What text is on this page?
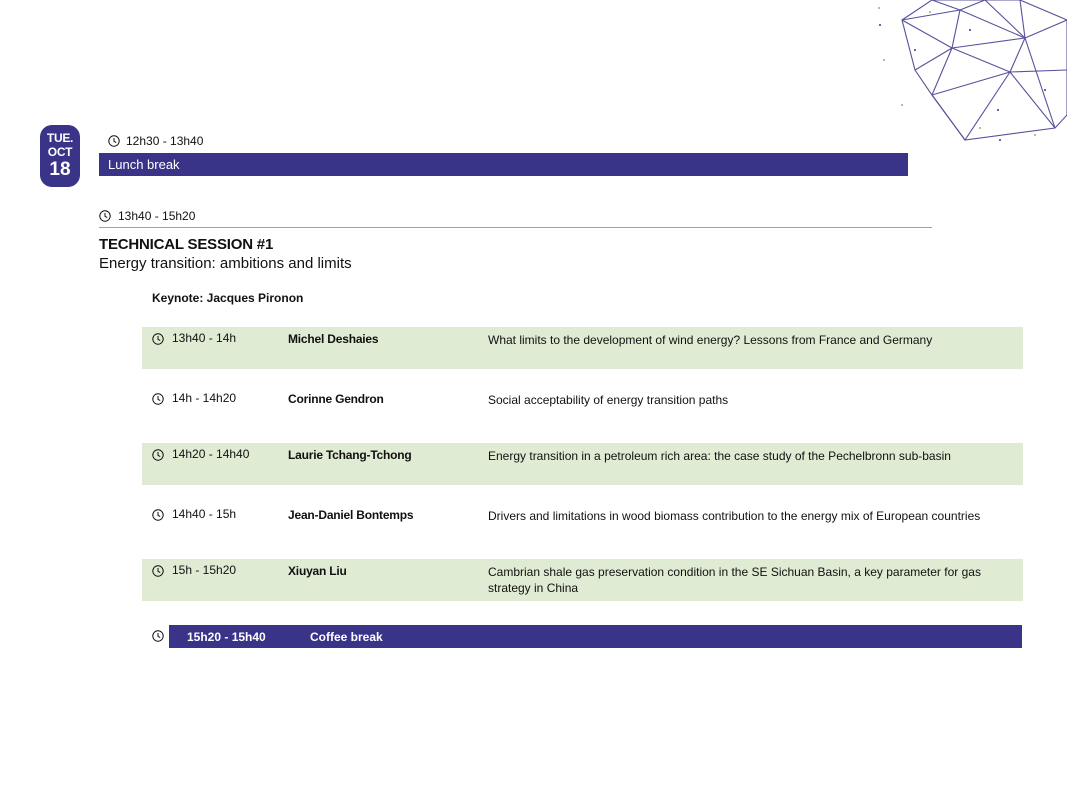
TUE.
OCT
18
12h30 - 13h40
Lunch break
13h40 - 15h20
TECHNICAL SESSION #1
Energy transition: ambitions and limits
Keynote: Jacques Pironon
13h40 - 14h	Michel Deshaies	What limits to the development of wind energy? Lessons from France and Germany
14h - 14h20	Corinne Gendron	Social acceptability of energy transition paths
14h20 - 14h40	Laurie Tchang-Tchong	Energy transition in a petroleum rich area: the case study of the Pechelbronn sub-basin
14h40 - 15h	Jean-Daniel Bontemps	Drivers and limitations in wood biomass contribution to the energy mix of European countries
15h - 15h20	Xiuyan Liu	Cambrian shale gas preservation condition in the SE Sichuan Basin, a key parameter for gas strategy in China
15h20 - 15h40	Coffee break
